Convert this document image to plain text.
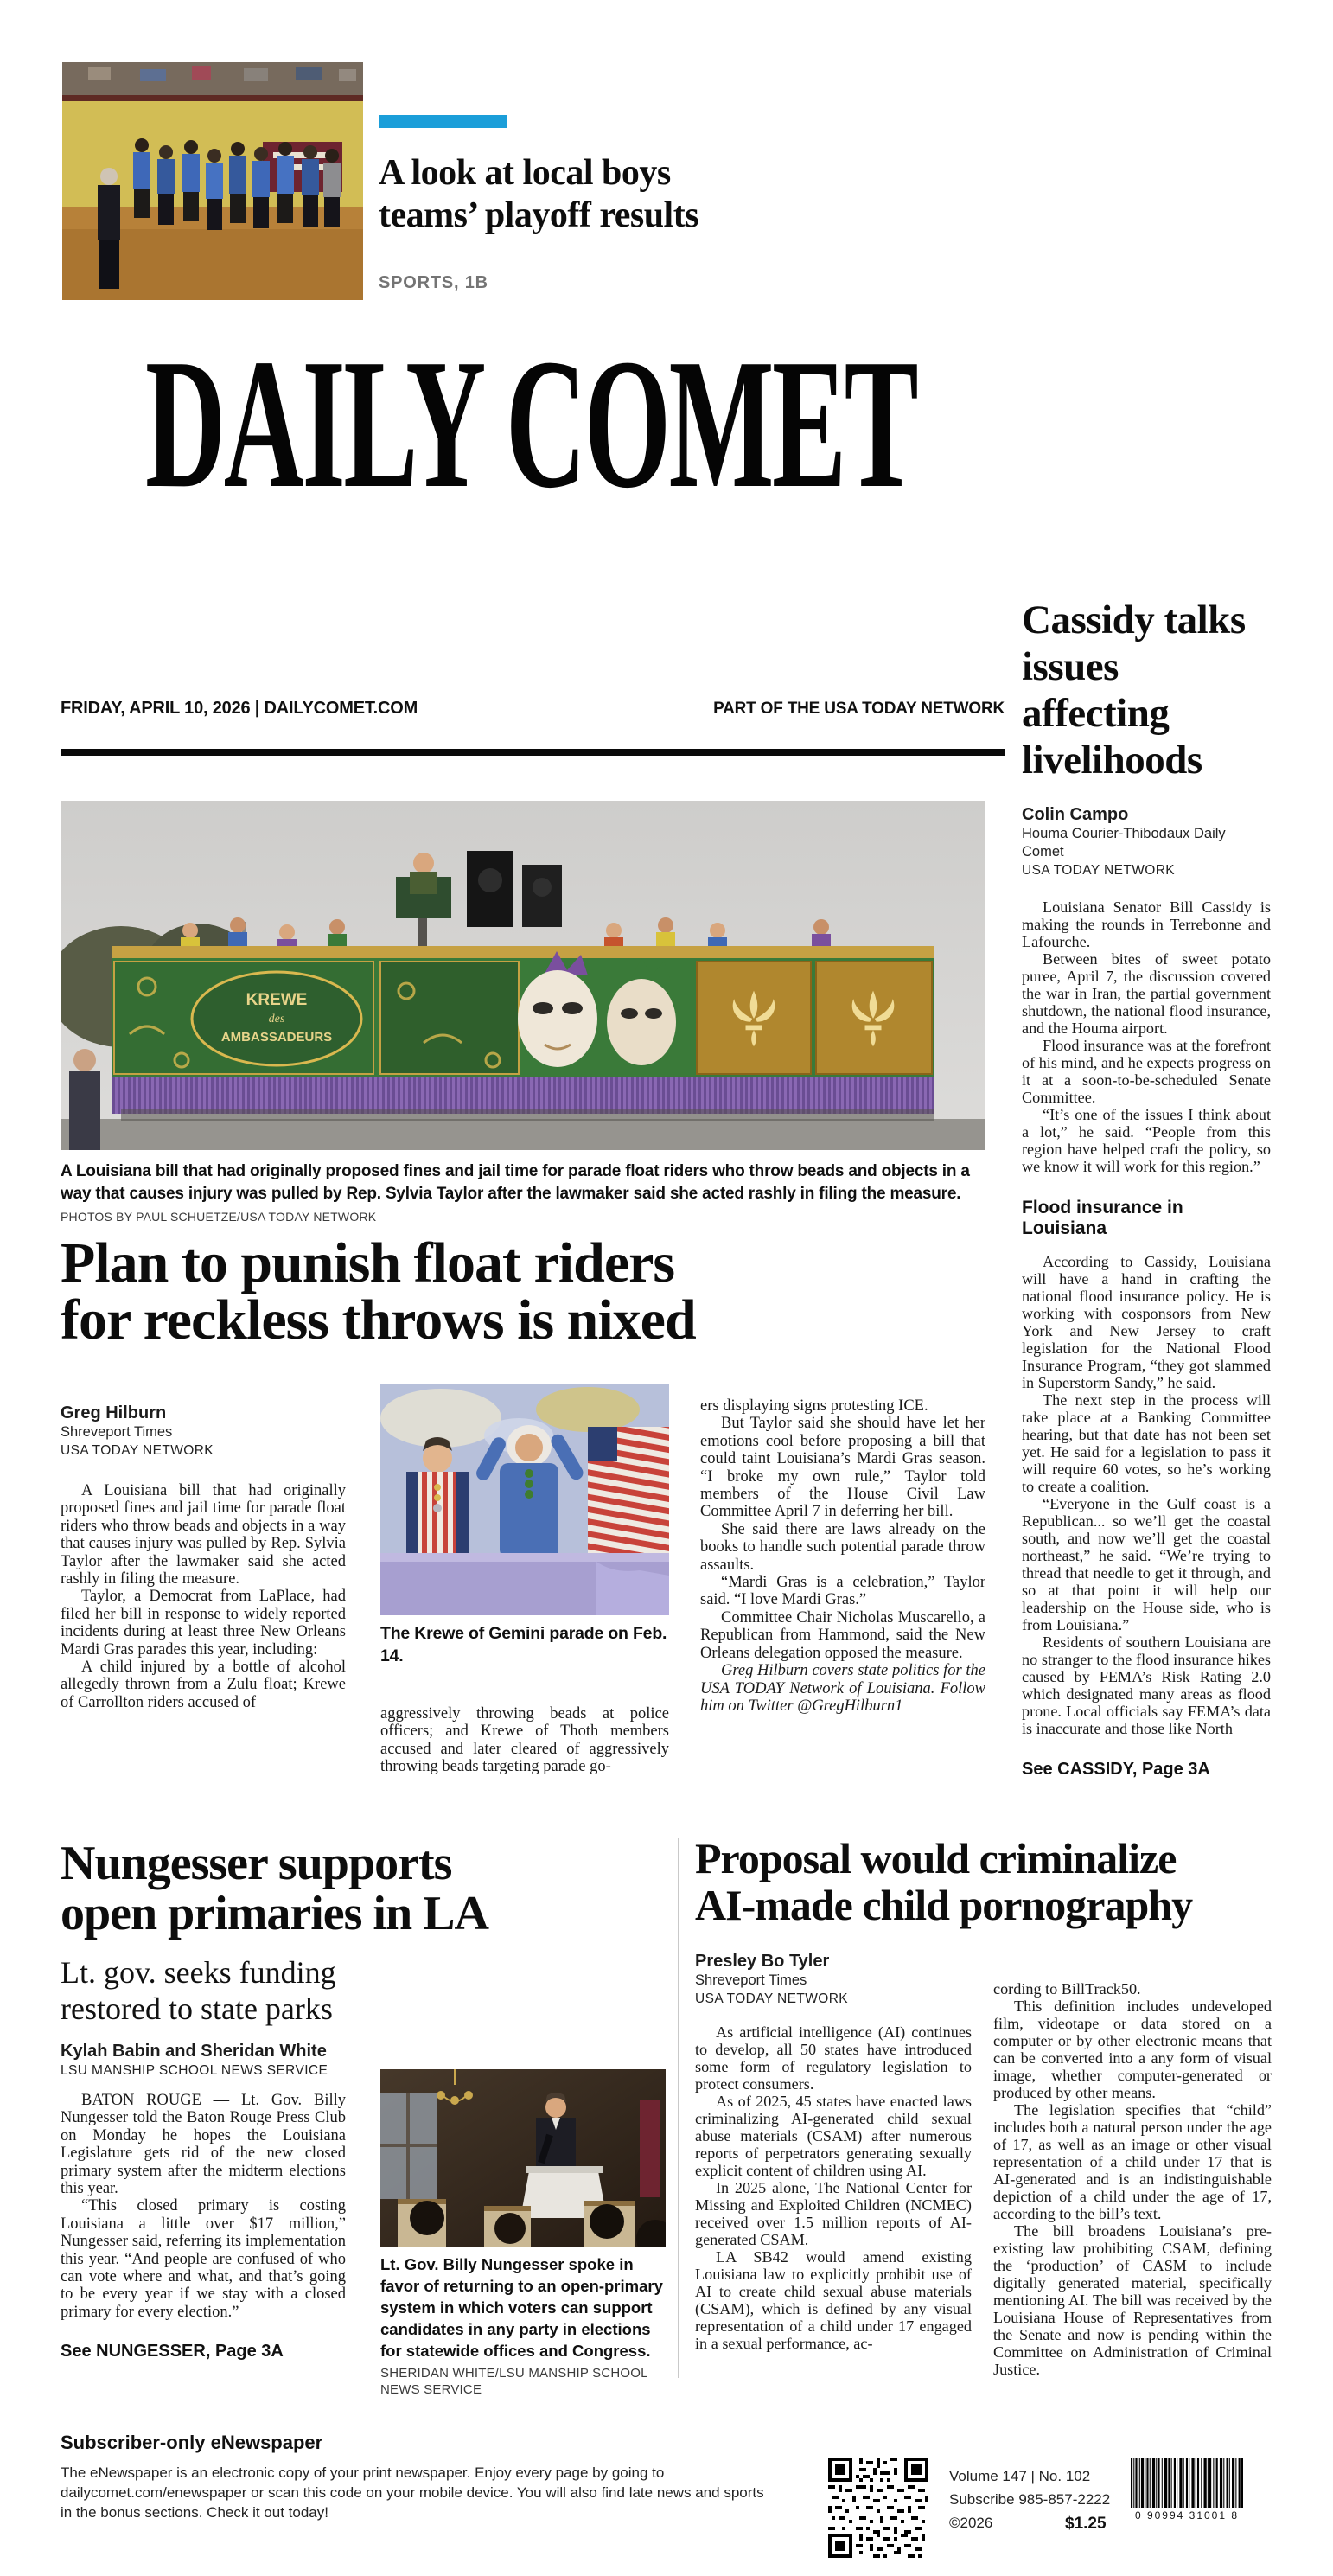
A look at local boys
teams’ playoff results
SPORTS, 1B
DAILY COMET
FRIDAY, APRIL 10, 2026 | DAILYCOMET.COM	PART OF THE USA TODAY NETWORK
KREWE
des
AMBASSADEURS
A Louisiana bill that had originally proposed fines and jail time for parade float riders who throw beads and objects in a way that causes injury was pulled by Rep. Sylvia Taylor after the lawmaker said she acted rashly in filing the measure.
PHOTOS BY PAUL SCHUETZE/USA TODAY NETWORK
Plan to punish float riders
for reckless throws is nixed
Greg Hilburn
Shreveport Times
USA TODAY NETWORK

A Louisiana bill that had originally proposed fines and jail time for parade float riders who throw beads and objects in a way that causes injury was pulled by Rep. Sylvia Taylor after the lawmaker said she acted rashly in filing the measure.

Taylor, a Democrat from LaPlace, had filed her bill in response to widely reported incidents during at least three New Orleans Mardi Gras parades this year, including:

A child injured by a bottle of alcohol allegedly thrown from a Zulu float; Krewe of Carrollton riders accused of

The Krewe of Gemini parade on Feb. 14.

aggressively throwing beads at police officers; and Krewe of Thoth members accused and later cleared of aggressively throwing beads targeting parade go-

ers displaying signs protesting ICE.

But Taylor said she should have let her emotions cool before proposing a bill that could taint Louisiana’s Mardi Gras season. “I broke my own rule,” Taylor told members of the House Civil Law Committee April 7 in deferring her bill.

She said there are laws already on the books to handle such potential parade throw assaults.

“Mardi Gras is a celebration,” Taylor said. “I love Mardi Gras.”

Committee Chair Nicholas Muscarello, a Republican from Hammond, said the New Orleans delegation opposed the measure.

Greg Hilburn covers state politics for the USA TODAY Network of Louisiana. Follow him on Twitter @GregHilburn1

Cassidy talks issues affecting livelihoods
Colin Campo
Houma Courier-Thibodaux Daily Comet
USA TODAY NETWORK

Louisiana Senator Bill Cassidy is making the rounds in Terrebonne and Lafourche.

Between bites of sweet potato puree, April 7, the discussion covered the war in Iran, the partial government shutdown, the national flood insurance, and the Houma airport.

Flood insurance was at the forefront of his mind, and he expects progress on it at a soon-to-be-scheduled Senate Committee.

“It’s one of the issues I think about a lot,” he said. “People from this region have helped craft the policy, so we know it will work for this region.”

Flood insurance in Louisiana

According to Cassidy, Louisiana will have a hand in crafting the national flood insurance policy. He is working with cosponsors from New York and New Jersey to craft legislation for the National Flood Insurance Program, “they got slammed in Superstorm Sandy,” he said.

The next step in the process will take place at a Banking Committee hearing, but that date has not been set yet. He said for a legislation to pass it will require 60 votes, so he’s working to create a coalition.

“Everyone in the Gulf coast is a Republican... so we’ll get the coastal south, and now we’ll get the coastal northeast,” he said. “We’re trying to thread that needle to get it through, and so at that point it will help our leadership on the House side, who is from Louisiana.”

Residents of southern Louisiana are no stranger to the flood insurance hikes caused by FEMA’s Risk Rating 2.0 which designated many areas as flood prone. Local officials say FEMA’s data is inaccurate and those like North

See CASSIDY, Page 3A
Nungesser supports
open primaries in LA
Lt. gov. seeks funding
restored to state parks
Kylah Babin and Sheridan White
LSU MANSHIP SCHOOL NEWS SERVICE

BATON ROUGE — Lt. Gov. Billy Nungesser told the Baton Rouge Press Club on Monday he hopes the Louisiana Legislature gets rid of the new closed primary system after the midterm elections this year.

“This closed primary is costing Louisiana a little over $17 million,” Nungesser said, referring its implementation this year. “And people are confused of who can vote where and what, and that’s going to be every year if we stay with a closed primary for every election.”

See NUNGESSER, Page 3A
Lt. Gov. Billy Nungesser spoke in favor of returning to an open-primary system in which voters can support candidates in any party in elections for statewide offices and Congress.
SHERIDAN WHITE/LSU MANSHIP SCHOOL NEWS SERVICE
Proposal would criminalize
AI-made child pornography
Presley Bo Tyler
Shreveport Times
USA TODAY NETWORK

As artificial intelligence (AI) continues to develop, all 50 states have introduced some form of regulatory legislation to protect consumers.

As of 2025, 45 states have enacted laws criminalizing AI-generated child sexual abuse materials (CSAM) after numerous reports of perpetrators generating sexually explicit content of children using AI.

In 2025 alone, The National Center for Missing and Exploited Children (NCMEC) received over 1.5 million reports of AI-generated CSAM.

LA SB42 would amend existing Louisiana law to explicitly prohibit use of AI to create child sexual abuse materials (CSAM), which is defined by any visual representation of a child under 17 engaged in a sexual performance, ac-

cording to BillTrack50.

This definition includes undeveloped film, videotape or data stored on a computer or by other electronic means that can be converted into a any form of visual image, whether computer-generated or produced by other means.

The legislation specifies that “child” includes both a natural person under the age of 17, as well as an image or other visual representation of a child under 17 that is AI-generated and is an indistinguishable depiction of a child under the age of 17, according to the bill’s text.

The bill broadens Louisiana’s pre-existing law prohibiting CSAM, defining the ‘production’ of CASM to include digitally generated material, specifically mentioning AI. The bill was received by the Louisiana House of Representatives from the Senate and now is pending within the Committee on Administration of Criminal Justice.

Subscriber-only eNewspaper
The eNewspaper is an electronic copy of your print newspaper. Enjoy every page by going to dailycomet.com/enewspaper or scan this code on your mobile device. You will also find late news and sports in the bonus sections. Check it out today!
Volume 147 | No. 102
Subscribe 985-857-2222
©2026	$1.25	0 90994 31001 8
